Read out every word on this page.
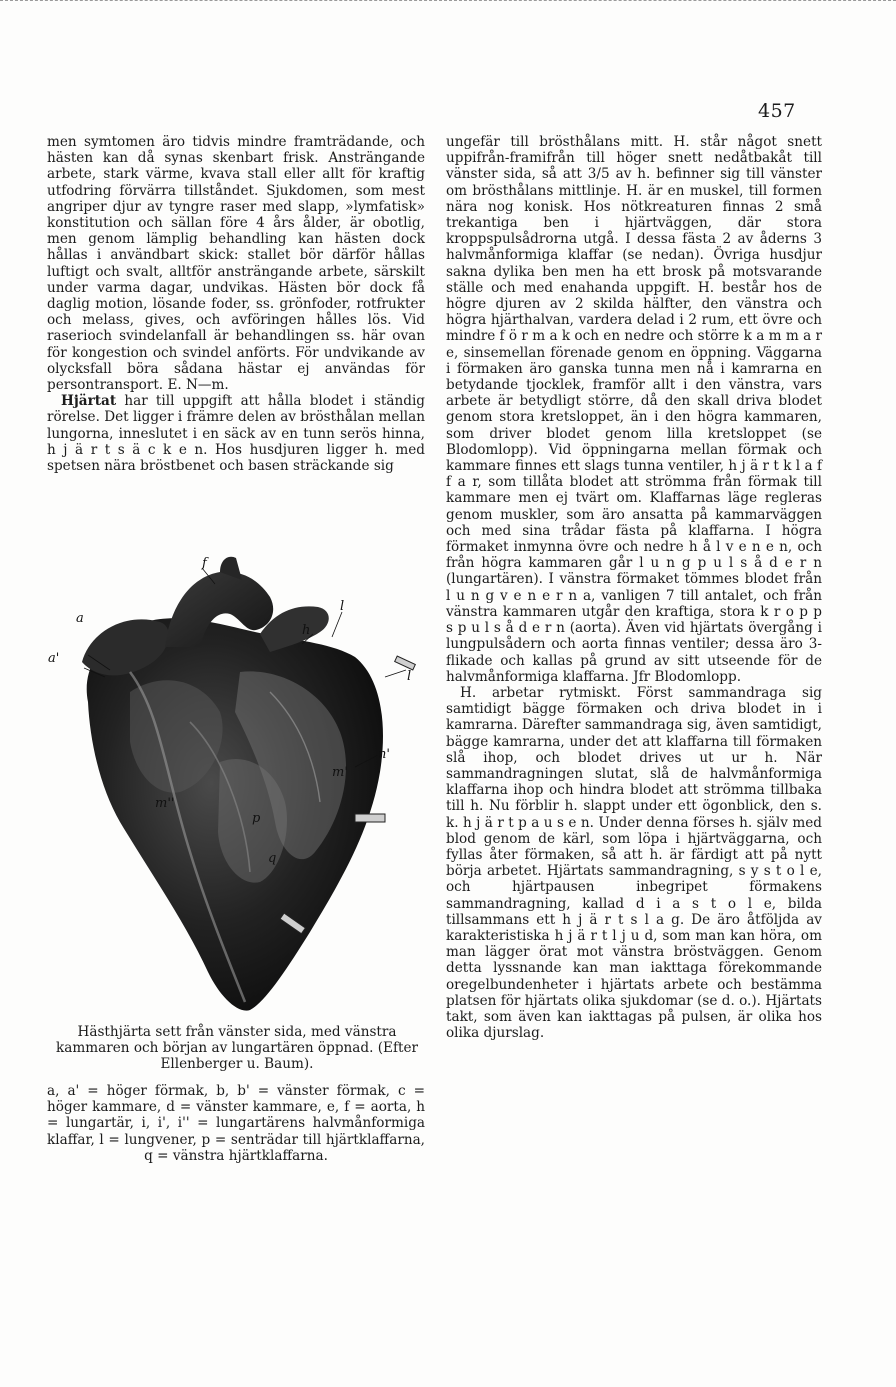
457

men symtomen äro tidvis mindre framträdande, och hästen kan då synas skenbart frisk. Ansträngande arbete, stark värme, kvava stall eller allt för kraftig utfodring förvärra tillståndet. Sjukdomen, som mest angriper djur av tyngre raser med slapp, »lymfatisk» konstitution och sällan före 4 års ålder, är obotlig, men genom lämplig behandling kan hästen dock hållas i användbart skick: stallet bör därför hållas luftigt och svalt, alltför ansträngande arbete, särskilt under varma dagar, undvikas. Hästen bör dock få daglig motion, lösande foder, ss. grönfoder, rotfrukter och melass, gives, och avföringen hålles lös. Vid raserioch svindelanfall är behandlingen ss. här ovan för kongestion och svindel anförts. För undvikande av olycksfall böra sådana hästar ej användas för persontransport. E. N—m.

Hjärtat har till uppgift att hålla blodet i ständig rörelse. Det ligger i främre delen av brösthålan mellan lungorna, inneslutet i en säck av en tunn serös hinna, h j ä r t s ä c k e n. Hos husdjuren ligger h. med spetsen nära bröstbenet och basen sträckande sig

f
a
a'
h
l
l
n'
m'
m''
p
q
Hästhjärta sett från vänster sida, med vänstra kammaren och början av lungartären öppnad. (Efter Ellenberger u. Baum).
a, a' = höger förmak, b, b' = vänster förmak, c = höger kammare, d = vänster kammare, e, f = aorta, h = lungartär, i, i', i'' = lungartärens halvmånformiga klaffar, l = lungvener, p = senträdar till hjärtklaffarna, q = vänstra hjärtklaffarna.

ungefär till brösthålans mitt. H. står något snett uppifrån-framifrån till höger snett nedåtbakåt till vänster sida, så att 3/5 av h. befinner sig till vänster om brösthålans mittlinje. H. är en muskel, till formen nära nog konisk. Hos nötkreaturen finnas 2 små trekantiga ben i hjärtväggen, där stora kroppspulsådrorna utgå. I dessa fästa 2 av åderns 3 halvmånformiga klaffar (se nedan). Övriga husdjur sakna dylika ben men ha ett brosk på motsvarande ställe och med enahanda uppgift. H. består hos de högre djuren av 2 skilda hälfter, den vänstra och högra hjärthalvan, vardera delad i 2 rum, ett övre och mindre f ö r m a k och en nedre och större k a m m a r e, sinsemellan förenade genom en öppning. Väggarna i förmaken äro ganska tunna men nå i kamrarna en betydande tjocklek, framför allt i den vänstra, vars arbete är betydligt större, då den skall driva blodet genom stora kretsloppet, än i den högra kammaren, som driver blodet genom lilla kretsloppet (se Blodomlopp). Vid öppningarna mellan förmak och kammare finnes ett slags tunna ventiler, h j ä r t k l a f f a r, som tillåta blodet att strömma från förmak till kammare men ej tvärt om. Klaffarnas läge regleras genom muskler, som äro ansatta på kammarväggen och med sina trådar fästa på klaffarna. I högra förmaket inmynna övre och nedre h å l v e n e n, och från högra kammaren går l u n g p u l s å d e r n (lungartären). I vänstra förmaket tömmes blodet från l u n g v e n e r n a, vanligen 7 till antalet, och från vänstra kammaren utgår den kraftiga, stora k r o p p s p u l s å d e r n (aorta). Även vid hjärtats övergång i lungpulsådern och aorta finnas ventiler; dessa äro 3-flikade och kallas på grund av sitt utseende för de halvmånformiga klaffarna. Jfr Blodomlopp.

H. arbetar rytmiskt. Först sammandraga sig samtidigt bägge förmaken och driva blodet in i kamrarna. Därefter sammandraga sig, även samtidigt, bägge kamrarna, under det att klaffarna till förmaken slå ihop, och blodet drives ut ur h. När sammandragningen slutat, slå de halvmånformiga klaffarna ihop och hindra blodet att strömma tillbaka till h. Nu förblir h. slappt under ett ögonblick, den s. k. h j ä r t p a u s e n. Under denna förses h. själv med blod genom de kärl, som löpa i hjärtväggarna, och fyllas åter förmaken, så att h. är färdigt att på nytt börja arbetet. Hjärtats sammandragning, s y s t o l e, och hjärtpausen inbegripet förmakens sammandragning, kallad d i a s t o l e, bilda tillsammans ett h j ä r t s l a g. De äro åtföljda av karakteristiska h j ä r t l j u d, som man kan höra, om man lägger örat mot vänstra bröstväggen. Genom detta lyssnande kan man iakttaga förekommande oregelbundenheter i hjärtats arbete och bestämma platsen för hjärtats olika sjukdomar (se d. o.). Hjärtats takt, som även kan iakttagas på pulsen, är olika hos olika djurslag.
